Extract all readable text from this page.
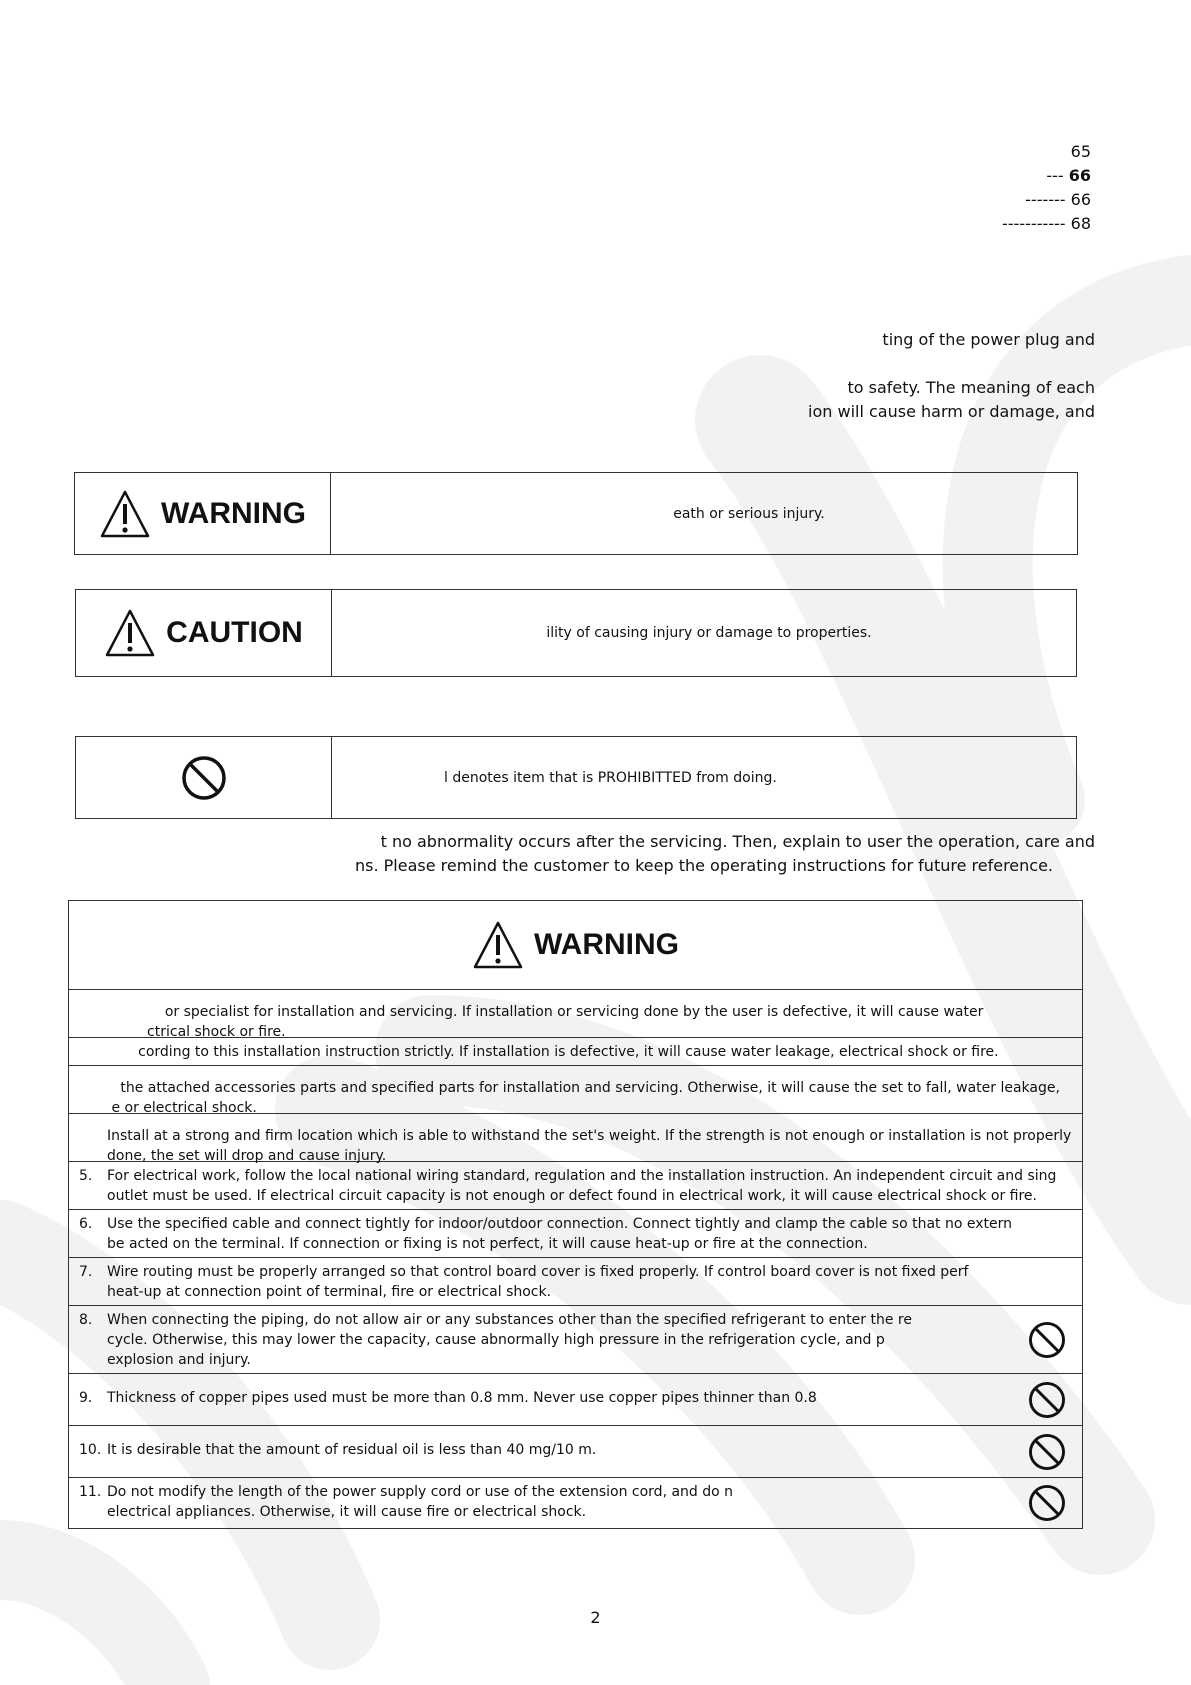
65
--- 66
------- 66
----------- 68
ting of the power plug and
to safety. The meaning of each
ion will cause harm or damage, and
WARNING	eath or serious injury.
CAUTION	ility of causing injury or damage to properties.
l denotes item that is PROHIBITTED from doing.
t no abnormality occurs after the servicing. Then, explain to user the operation, care and
ns. Please remind the customer to keep the operating instructions for future reference.
WARNING
or specialist for installation and servicing. If installation or servicing done by the user is defective, it will cause water
ctrical shock or fire.
cording to this installation instruction strictly. If installation is defective, it will cause water leakage, electrical shock or fire.
the attached accessories parts and specified parts for installation and servicing. Otherwise, it will cause the set to fall, water leakage,
e or electrical shock.
Install at a strong and firm location which is able to withstand the set's weight. If the strength is not enough or installation is not properly
done, the set will drop and cause injury.
5.	For electrical work, follow the local national wiring standard, regulation and the installation instruction. An independent circuit and sing
outlet must be used. If electrical circuit capacity is not enough or defect found in electrical work, it will cause electrical shock or fire.
6.	Use the specified cable and connect tightly for indoor/outdoor connection. Connect tightly and clamp the cable so that no extern
be acted on the terminal. If connection or fixing is not perfect, it will cause heat-up or fire at the connection.
7.	Wire routing must be properly arranged so that control board cover is fixed properly. If control board cover is not fixed perf
heat-up at connection point of terminal, fire or electrical shock.
8.	When connecting the piping, do not allow air or any substances other than the specified refrigerant to enter the re
cycle. Otherwise, this may lower the capacity, cause abnormally high pressure in the refrigeration cycle, and p
explosion and injury.
9.	Thickness of copper pipes used must be more than 0.8 mm. Never use copper pipes thinner than 0.8
10. It is desirable that the amount of residual oil is less than 40 mg/10 m.
11. Do not modify the length of the power supply cord or use of the extension cord, and do n
electrical appliances. Otherwise, it will cause fire or electrical shock.
2
